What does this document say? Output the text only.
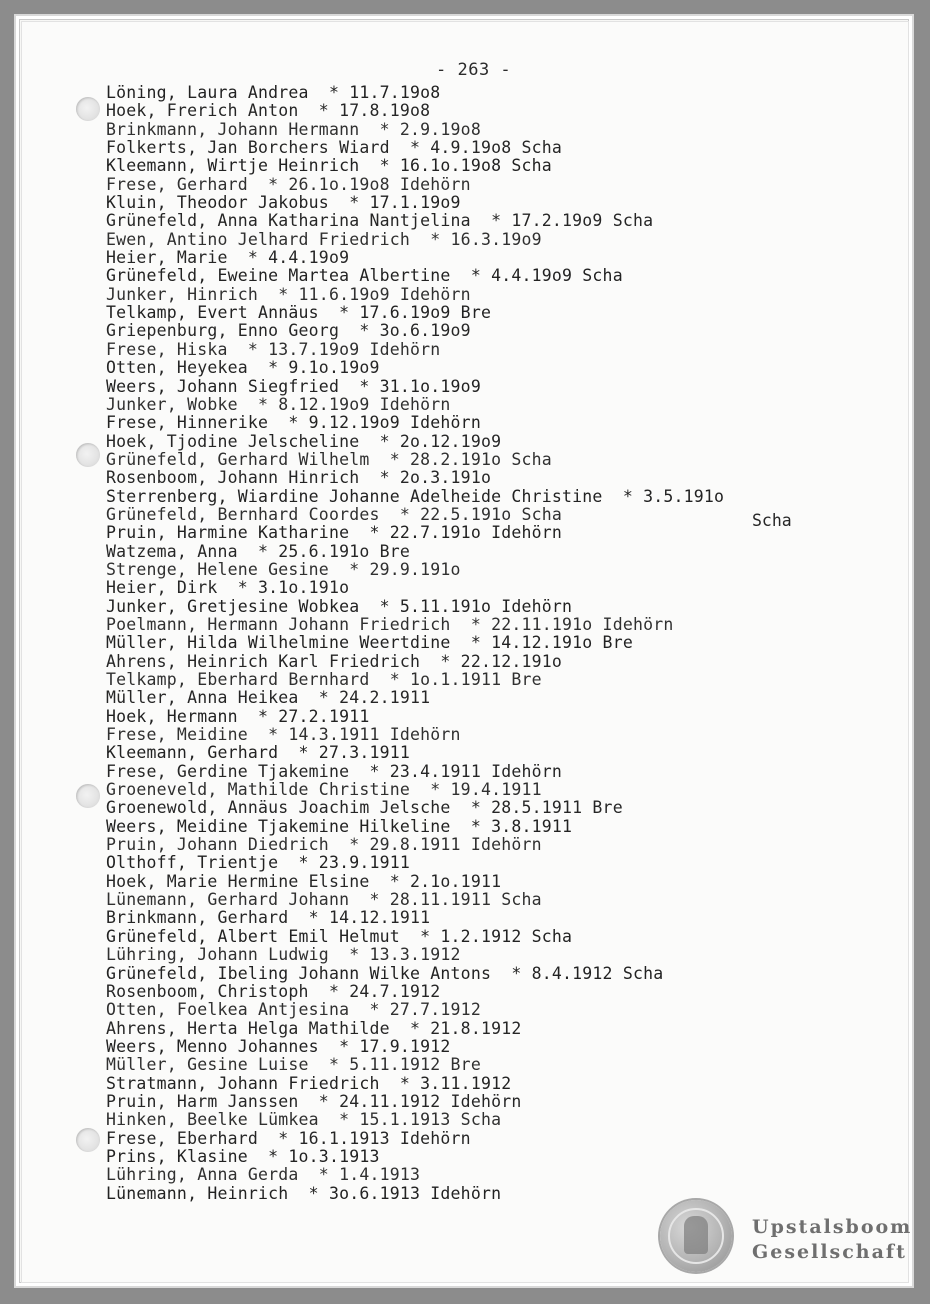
- 263 -
Löning, Laura Andrea  * 11.7.19o8
Hoek, Frerich Anton  * 17.8.19o8
Brinkmann, Johann Hermann  * 2.9.19o8
Folkerts, Jan Borchers Wiard  * 4.9.19o8 Scha
Kleemann, Wirtje Heinrich  * 16.1o.19o8 Scha
Frese, Gerhard  * 26.1o.19o8 Idehörn
Kluin, Theodor Jakobus  * 17.1.19o9
Grünefeld, Anna Katharina Nantjelina  * 17.2.19o9 Scha
Ewen, Antino Jelhard Friedrich  * 16.3.19o9
Heier, Marie  * 4.4.19o9
Grünefeld, Eweine Martea Albertine  * 4.4.19o9 Scha
Junker, Hinrich  * 11.6.19o9 Idehörn
Telkamp, Evert Annäus  * 17.6.19o9 Bre
Griepenburg, Enno Georg  * 3o.6.19o9
Frese, Hiska  * 13.7.19o9 Idehörn
Otten, Heyekea  * 9.1o.19o9
Weers, Johann Siegfried  * 31.1o.19o9
Junker, Wobke  * 8.12.19o9 Idehörn
Frese, Hinnerike  * 9.12.19o9 Idehörn
Hoek, Tjodine Jelscheline  * 2o.12.19o9
Grünefeld, Gerhard Wilhelm  * 28.2.191o Scha
Rosenboom, Johann Hinrich  * 2o.3.191o
Sterrenberg, Wiardine Johanne Adelheide Christine  * 3.5.191o
Grünefeld, Bernhard Coordes  * 22.5.191o Scha
Pruin, Harmine Katharine  * 22.7.191o Idehörn
Watzema, Anna  * 25.6.191o Bre
Strenge, Helene Gesine  * 29.9.191o
Heier, Dirk  * 3.1o.191o
Junker, Gretjesine Wobkea  * 5.11.191o Idehörn
Poelmann, Hermann Johann Friedrich  * 22.11.191o Idehörn
Müller, Hilda Wilhelmine Weertdine  * 14.12.191o Bre
Ahrens, Heinrich Karl Friedrich  * 22.12.191o
Telkamp, Eberhard Bernhard  * 1o.1.1911 Bre
Müller, Anna Heikea  * 24.2.1911
Hoek, Hermann  * 27.2.1911
Frese, Meidine  * 14.3.1911 Idehörn
Kleemann, Gerhard  * 27.3.1911
Frese, Gerdine Tjakemine  * 23.4.1911 Idehörn
Groeneveld, Mathilde Christine  * 19.4.1911
Groenewold, Annäus Joachim Jelsche  * 28.5.1911 Bre
Weers, Meidine Tjakemine Hilkeline  * 3.8.1911
Pruin, Johann Diedrich  * 29.8.1911 Idehörn
Olthoff, Trientje  * 23.9.1911
Hoek, Marie Hermine Elsine  * 2.1o.1911
Lünemann, Gerhard Johann  * 28.11.1911 Scha
Brinkmann, Gerhard  * 14.12.1911
Grünefeld, Albert Emil Helmut  * 1.2.1912 Scha
Lühring, Johann Ludwig  * 13.3.1912
Grünefeld, Ibeling Johann Wilke Antons  * 8.4.1912 Scha
Rosenboom, Christoph  * 24.7.1912
Otten, Foelkea Antjesina  * 27.7.1912
Ahrens, Herta Helga Mathilde  * 21.8.1912
Weers, Menno Johannes  * 17.9.1912
Müller, Gesine Luise  * 5.11.1912 Bre
Stratmann, Johann Friedrich  * 3.11.1912
Pruin, Harm Janssen  * 24.11.1912 Idehörn
Hinken, Beelke Lümkea  * 15.1.1913 Scha
Frese, Eberhard  * 16.1.1913 Idehörn
Prins, Klasine  * 1o.3.1913
Lühring, Anna Gerda  * 1.4.1913
Lünemann, Heinrich  * 3o.6.1913 Idehörn
Scha
Upstalsboom
Gesellschaft
